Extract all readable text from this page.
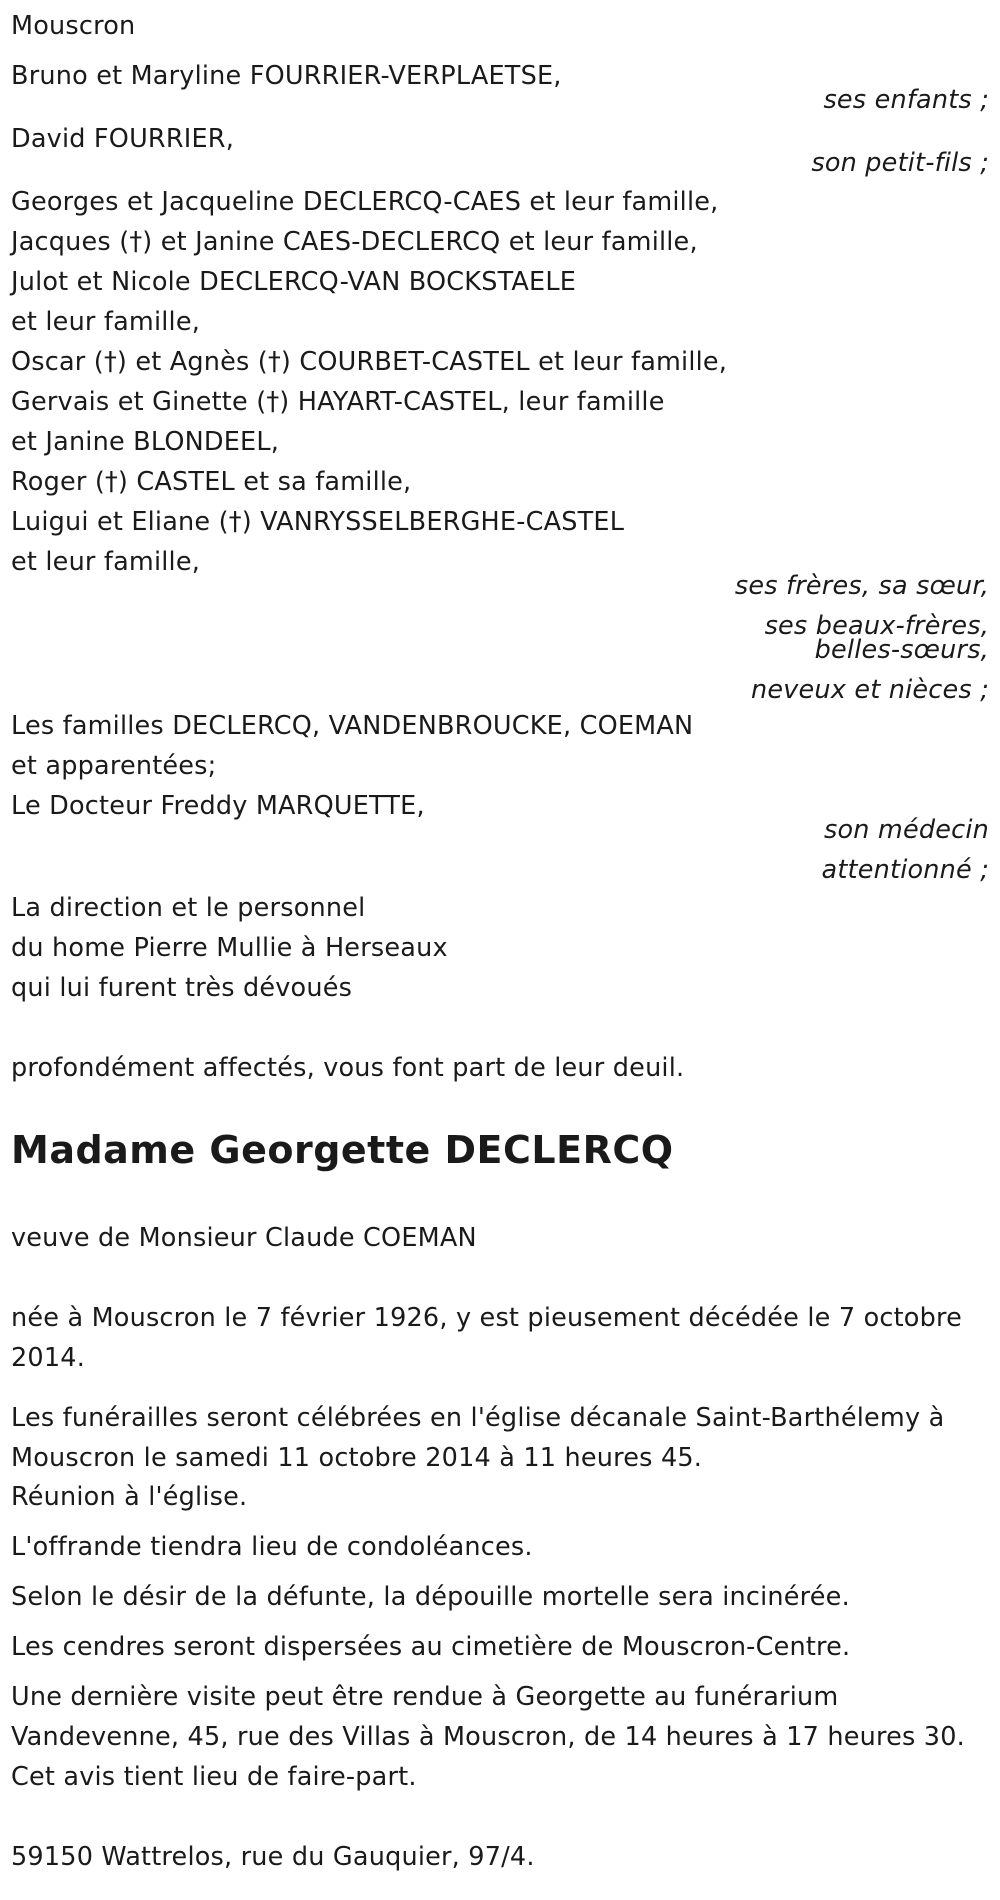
Mouscron
Bruno et Maryline FOURRIER-VERPLAETSE,
ses enfants ;
David FOURRIER,
son petit-fils ;
Georges et Jacqueline DECLERCQ-CAES et leur famille,
Jacques (†) et Janine CAES-DECLERCQ et leur famille,
Julot et Nicole DECLERCQ-VAN BOCKSTAELE
et leur famille,
Oscar (†) et Agnès (†) COURBET-CASTEL et leur famille,
Gervais et Ginette (†) HAYART-CASTEL, leur famille
et Janine BLONDEEL,
Roger (†) CASTEL et sa famille,
Luigui et Eliane (†) VANRYSSELBERGHE-CASTEL
et leur famille,
ses frères, sa sœur,
ses beaux-frères,
belles-sœurs,
neveux et nièces ;
Les familles DECLERCQ, VANDENBROUCKE, COEMAN
et apparentées;
Le Docteur Freddy MARQUETTE,
son médecin
attentionné ;
La direction et le personnel
du home Pierre Mullie à Herseaux
qui lui furent très dévoués
profondément affectés, vous font part de leur deuil.
Madame Georgette DECLERCQ
veuve de Monsieur Claude COEMAN
née à Mouscron le 7 février 1926, y est pieusement décédée le 7 octobre 2014.
Les funérailles seront célébrées en l'église décanale Saint-Barthélemy à Mouscron le samedi 11 octobre 2014 à 11 heures 45.
Réunion à l'église.
L'offrande tiendra lieu de condoléances.
Selon le désir de la défunte, la dépouille mortelle sera incinérée.
Les cendres seront dispersées au cimetière de Mouscron-Centre.
Une dernière visite peut être rendue à Georgette au funérarium Vandevenne, 45, rue des Villas à Mouscron, de 14 heures à 17 heures 30.
Cet avis tient lieu de faire-part.
59150 Wattrelos, rue du Gauquier, 97/4.
